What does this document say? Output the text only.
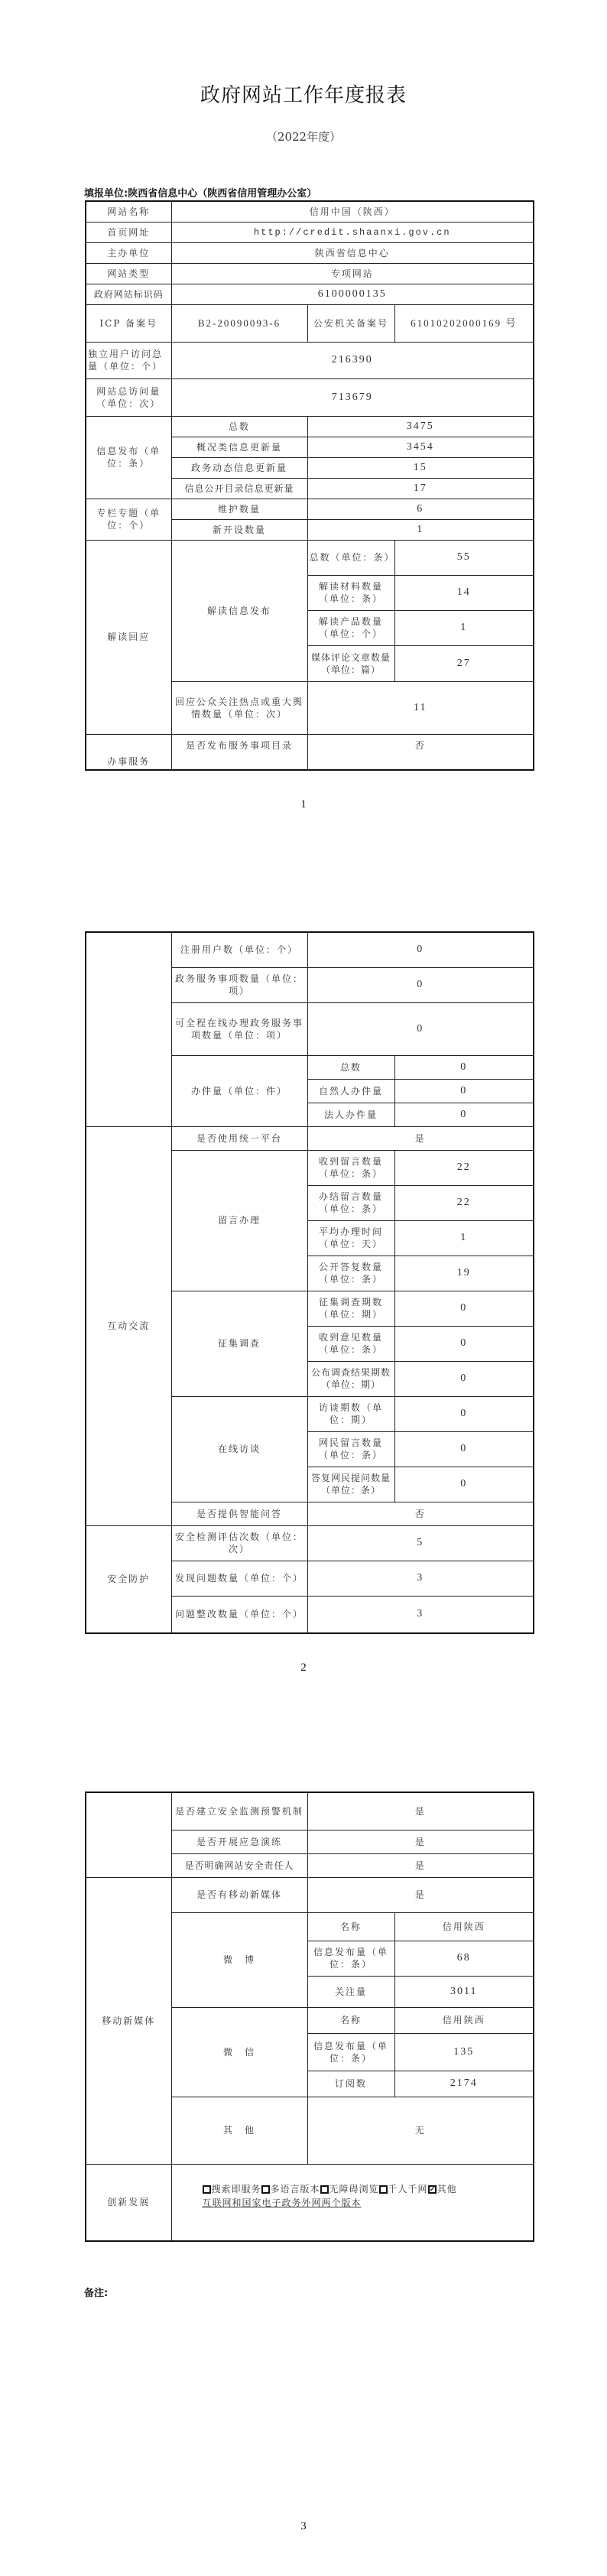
政府网站工作年度报表
（2022年度）
填报单位:陕西省信息中心（陕西省信用管理办公室）
网站名称	信用中国（陕西）		
首页网址	http://credit.shaanxi.gov.cn		
主办单位	陕西省信息中心		
网站类型	专项网站		
政府网站标识码	6100000135		
ICP 备案号	B2-20090093-6	公安机关备案号	61010202000169 号
独立用户访问总量（单位：个）	216390		
网站总访问量（单位：次）	713679		
信息发布（单位：条）	总数	3475	
	概况类信息更新量	3454	
	政务动态信息更新量	15	
	信息公开目录信息更新量	17	
专栏专题（单位：个）	维护数量	6	
	新开设数量	1	
解读回应	解读信息发布	总数（单位：条）	55
		解读材料数量（单位：条）	14
		解读产品数量（单位：个）	1
		媒体评论文章数量（单位：篇）	27
	回应公众关注热点或重大舆情数量（单位：次）	11	
办事服务	是否发布服务事项目录	否	
1
	注册用户数（单位：个）	0	
	政务服务事项数量（单位：项）	0	
	可全程在线办理政务服务事项数量（单位：项）	0	
	办件量（单位：件）	总数	0
		自然人办件量	0
		法人办件量	0
互动交流	是否使用统一平台	是	
	留言办理	收到留言数量（单位：条）	22
		办结留言数量（单位：条）	22
		平均办理时间（单位：天）	1
		公开答复数量（单位：条）	19
	征集调查	征集调查期数（单位：期）	0
		收到意见数量（单位：条）	0
		公布调查结果期数（单位：期）	0
	在线访谈	访谈期数（单位：期）	0
		网民留言数量（单位：条）	0
		答复网民提问数量（单位：条）	0
	是否提供智能问答	否	
安全防护	安全检测评估次数（单位：次）	5	
	发现问题数量（单位：个）	3	
	问题整改数量（单位：个）	3	
2
	是否建立安全监测预警机制	是	
	是否开展应急演练	是	
	是否明确网站安全责任人	是	
移动新媒体	是否有移动新媒体	是	
	微　博	名称	信用陕西
		信息发布量（单位：条）	68
		关注量	3011
	微　信	名称	信用陕西
		信息发布量（单位：条）	135
		订阅数	2174
	其　他	无	
创新发展	搜索即服务 多语言版本 无障碍浏览 千人千网 ✓ 其他
互联网和国家电子政务外网两个版本
备注:
3
